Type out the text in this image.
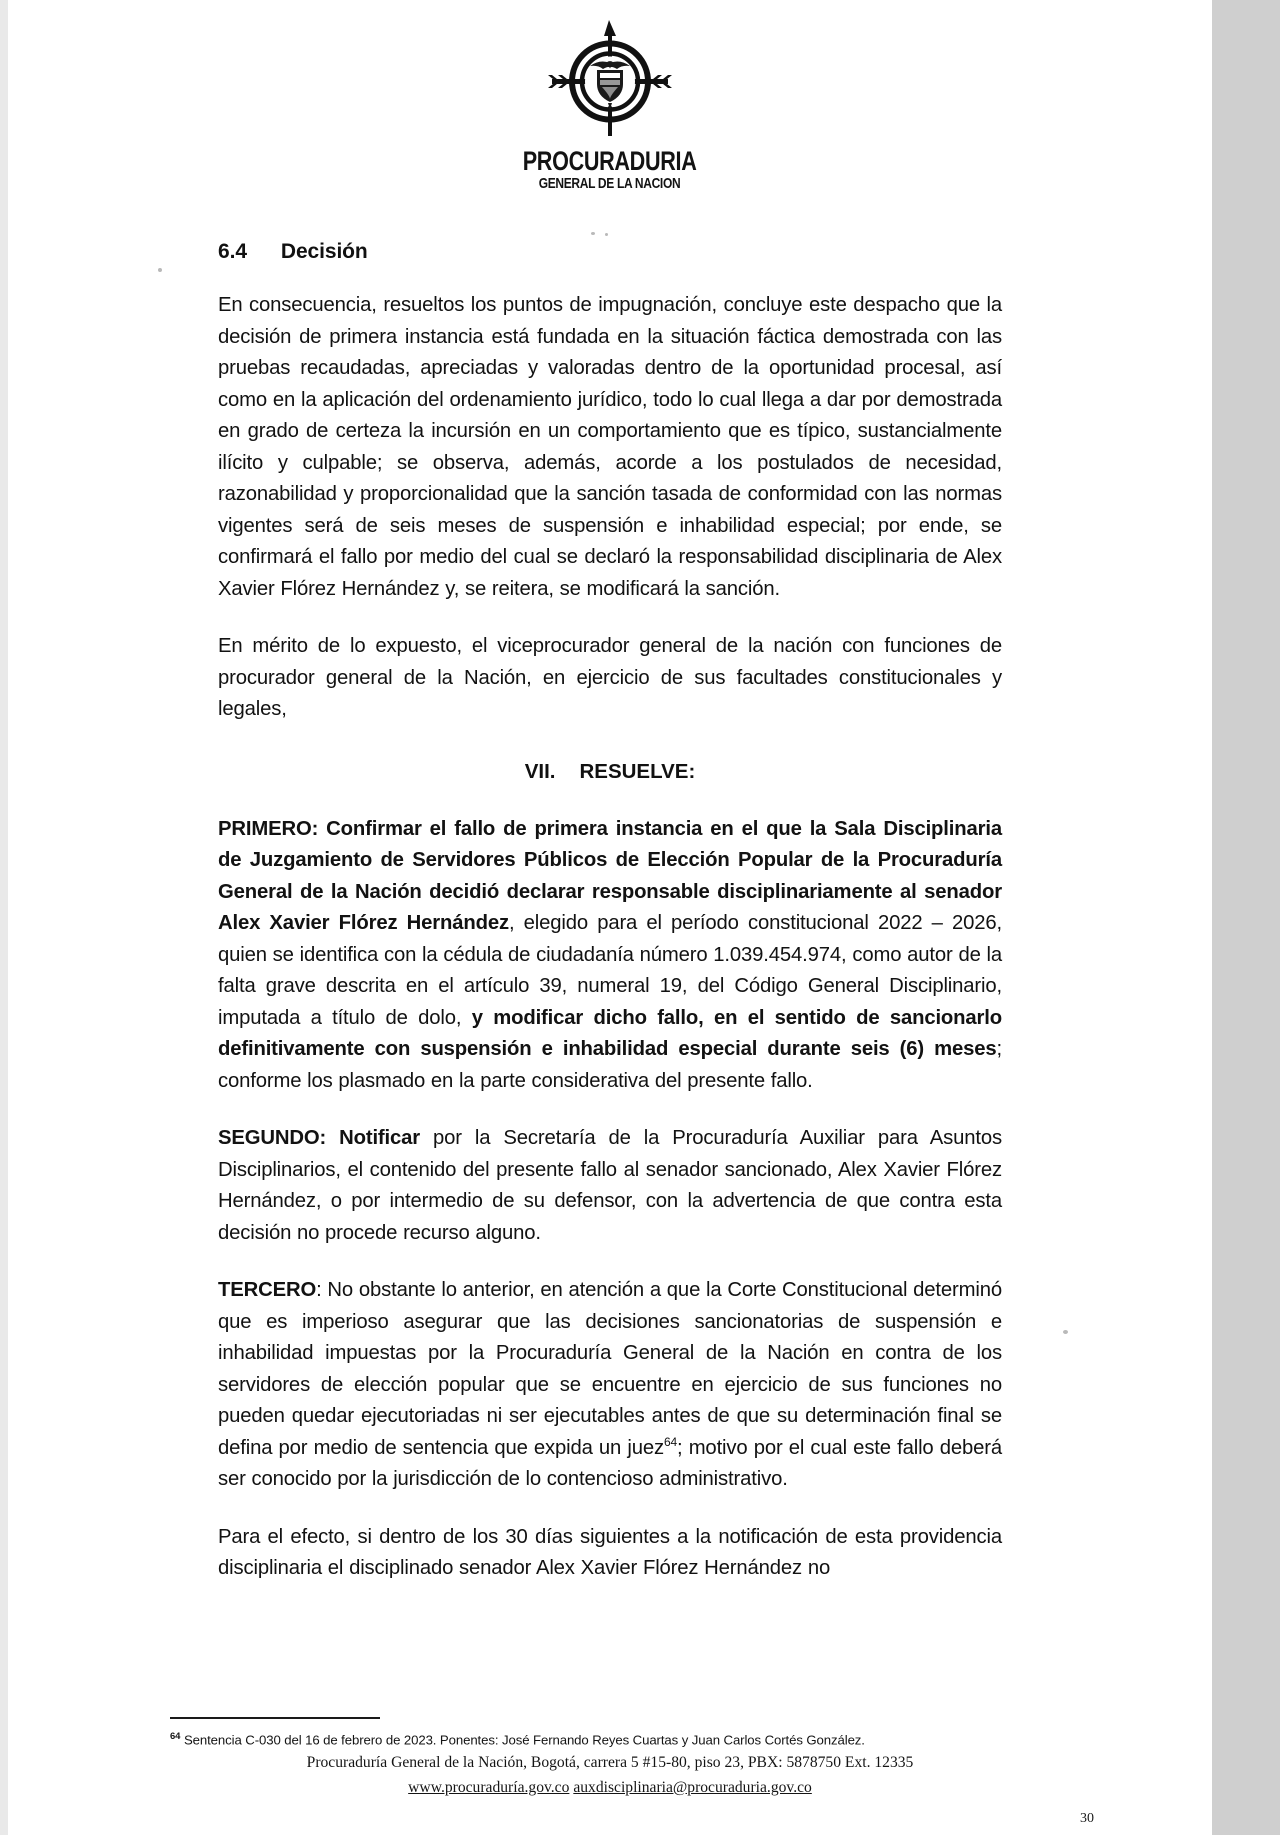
PROCURADURIA
GENERAL DE LA NACION
6.4 Decisión

En consecuencia, resueltos los puntos de impugnación, concluye este despacho que la decisión de primera instancia está fundada en la situación fáctica demostrada con las pruebas recaudadas, apreciadas y valoradas dentro de la oportunidad procesal, así como en la aplicación del ordenamiento jurídico, todo lo cual llega a dar por demostrada en grado de certeza la incursión en un comportamiento que es típico, sustancialmente ilícito y culpable; se observa, además, acorde a los postulados de necesidad, razonabilidad y proporcionalidad que la sanción tasada de conformidad con las normas vigentes será de seis meses de suspensión e inhabilidad especial; por ende, se confirmará el fallo por medio del cual se declaró la responsabilidad disciplinaria de Alex Xavier Flórez Hernández y, se reitera, se modificará la sanción.

En mérito de lo expuesto, el viceprocurador general de la nación con funciones de procurador general de la Nación, en ejercicio de sus facultades constitucionales y legales,

VII. RESUELVE:

PRIMERO: Confirmar el fallo de primera instancia en el que la Sala Disciplinaria de Juzgamiento de Servidores Públicos de Elección Popular de la Procuraduría General de la Nación decidió declarar responsable disciplinariamente al senador Alex Xavier Flórez Hernández, elegido para el período constitucional 2022 – 2026, quien se identifica con la cédula de ciudadanía número 1.039.454.974, como autor de la falta grave descrita en el artículo 39, numeral 19, del Código General Disciplinario, imputada a título de dolo, y modificar dicho fallo, en el sentido de sancionarlo definitivamente con suspensión e inhabilidad especial durante seis (6) meses; conforme los plasmado en la parte considerativa del presente fallo.

SEGUNDO: Notificar por la Secretaría de la Procuraduría Auxiliar para Asuntos Disciplinarios, el contenido del presente fallo al senador sancionado, Alex Xavier Flórez Hernández, o por intermedio de su defensor, con la advertencia de que contra esta decisión no procede recurso alguno.

TERCERO: No obstante lo anterior, en atención a que la Corte Constitucional determinó que es imperioso asegurar que las decisiones sancionatorias de suspensión e inhabilidad impuestas por la Procuraduría General de la Nación en contra de los servidores de elección popular que se encuentre en ejercicio de sus funciones no pueden quedar ejecutoriadas ni ser ejecutables antes de que su determinación final se defina por medio de sentencia que expida un juez$^{64}$; motivo por el cual este fallo deberá ser conocido por la jurisdicción de lo contencioso administrativo.

Para el efecto, si dentro de los 30 días siguientes a la notificación de esta providencia disciplinaria el disciplinado senador Alex Xavier Flórez Hernández no

$^{64}$ Sentencia C-030 del 16 de febrero de 2023. Ponentes: José Fernando Reyes Cuartas y Juan Carlos Cortés González.
Procuraduría General de la Nación, Bogotá, carrera 5 #15-80, piso 23, PBX: 5878750 Ext. 12335
www.procuraduría.gov.co auxdisciplinaria@procuraduria.gov.co
30
